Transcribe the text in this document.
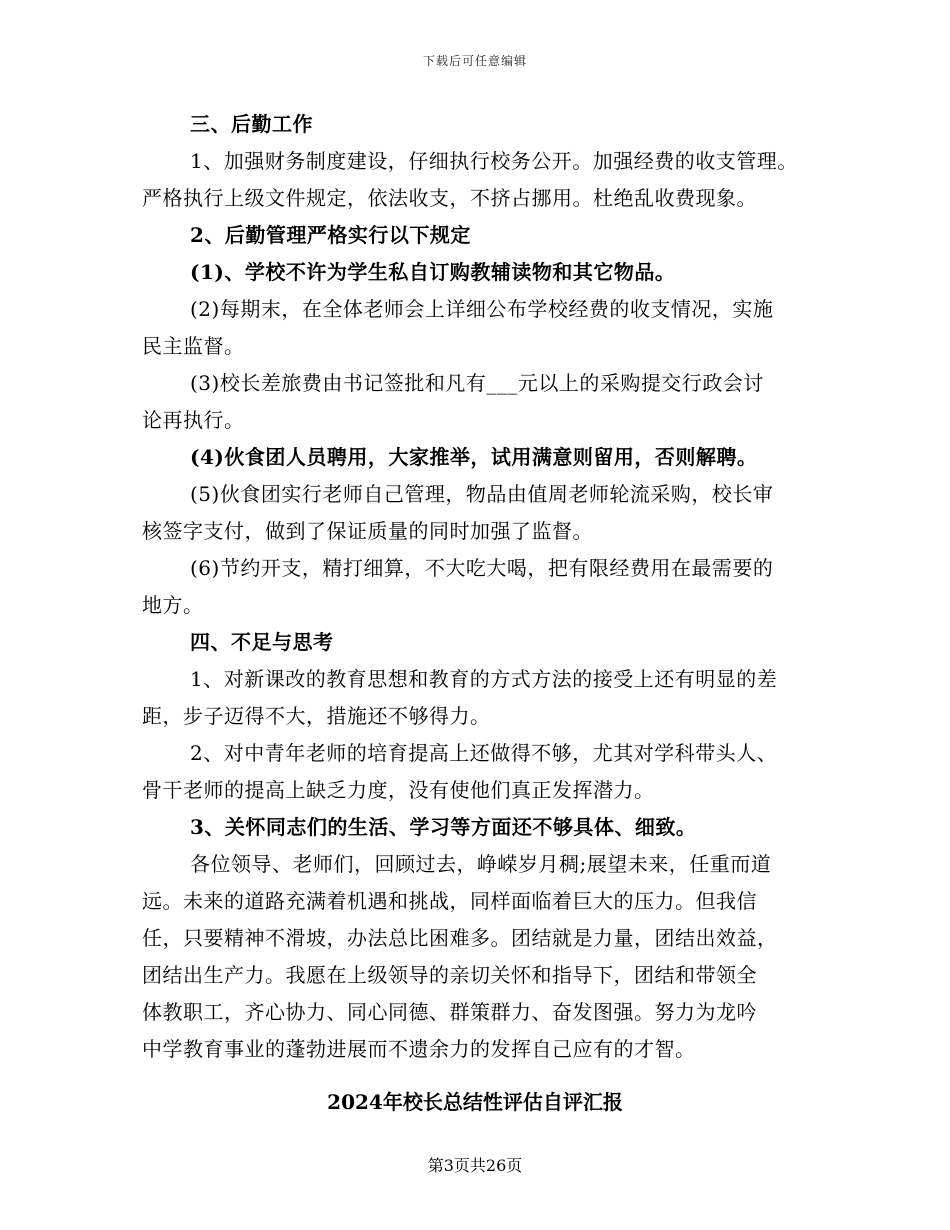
下载后可任意编辑

三、后勤工作

1、加强财务制度建设，仔细执行校务公开。加强经费的收支管理。

严格执行上级文件规定，依法收支，不挤占挪用。杜绝乱收费现象。

2、后勤管理严格实行以下规定

(1)、学校不许为学生私自订购教辅读物和其它物品。

(2)每期末，在全体老师会上详细公布学校经费的收支情况，实施

民主监督。

(3)校长差旅费由书记签批和凡有___元以上的采购提交行政会讨

论再执行。

(4)伙食团人员聘用，大家推举，试用满意则留用，否则解聘。

(5)伙食团实行老师自己管理，物品由值周老师轮流采购，校长审

核签字支付，做到了保证质量的同时加强了监督。

(6)节约开支，精打细算，不大吃大喝，把有限经费用在最需要的

地方。

四、不足与思考

1、对新课改的教育思想和教育的方式方法的接受上还有明显的差

距，步子迈得不大，措施还不够得力。

2、对中青年老师的培育提高上还做得不够，尤其对学科带头人、

骨干老师的提高上缺乏力度，没有使他们真正发挥潜力。

3、关怀同志们的生活、学习等方面还不够具体、细致。

各位领导、老师们，回顾过去，峥嵘岁月稠;展望未来，任重而道

远。未来的道路充满着机遇和挑战，同样面临着巨大的压力。但我信

任，只要精神不滑坡，办法总比困难多。团结就是力量，团结出效益，

团结出生产力。我愿在上级领导的亲切关怀和指导下，团结和带领全

体教职工，齐心协力、同心同德、群策群力、奋发图强。努力为龙吟

中学教育事业的蓬勃进展而不遗余力的发挥自己应有的才智。

2024年校长总结性评估自评汇报
第3页共26页
